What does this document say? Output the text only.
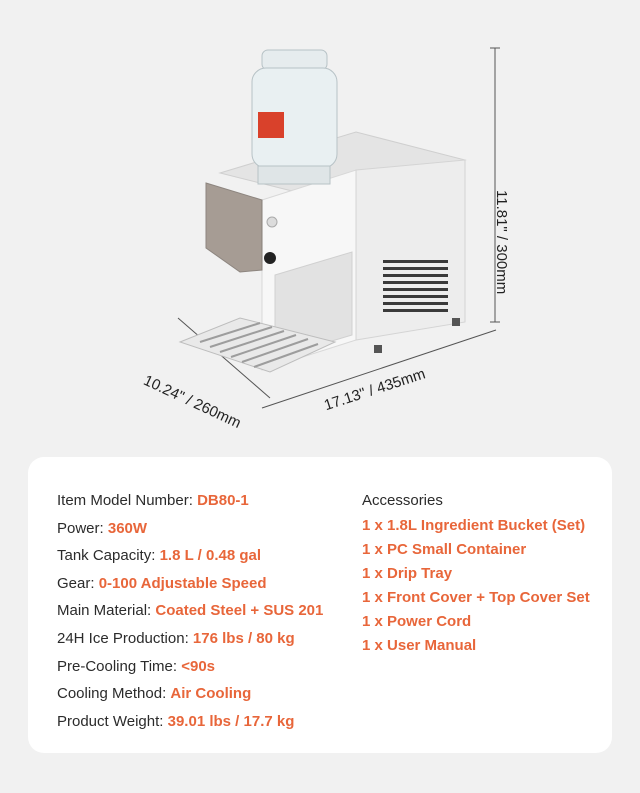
11.81" / 300mm
10.24" / 260mm	17.13" / 435mm
Item Model Number: DB80-1
Power: 360W
Tank Capacity: 1.8 L / 0.48 gal
Gear: 0-100 Adjustable Speed
Main Material: Coated Steel + SUS 201
24H Ice Production: 176 lbs / 80 kg
Pre-Cooling Time: <90s
Cooling Method: Air Cooling
Product Weight: 39.01 lbs / 17.7 kg
Accessories
1 x 1.8L Ingredient Bucket (Set)
1 x PC Small Container
1 x Drip Tray
1 x Front Cover + Top Cover Set
1 x Power Cord
1 x User Manual
